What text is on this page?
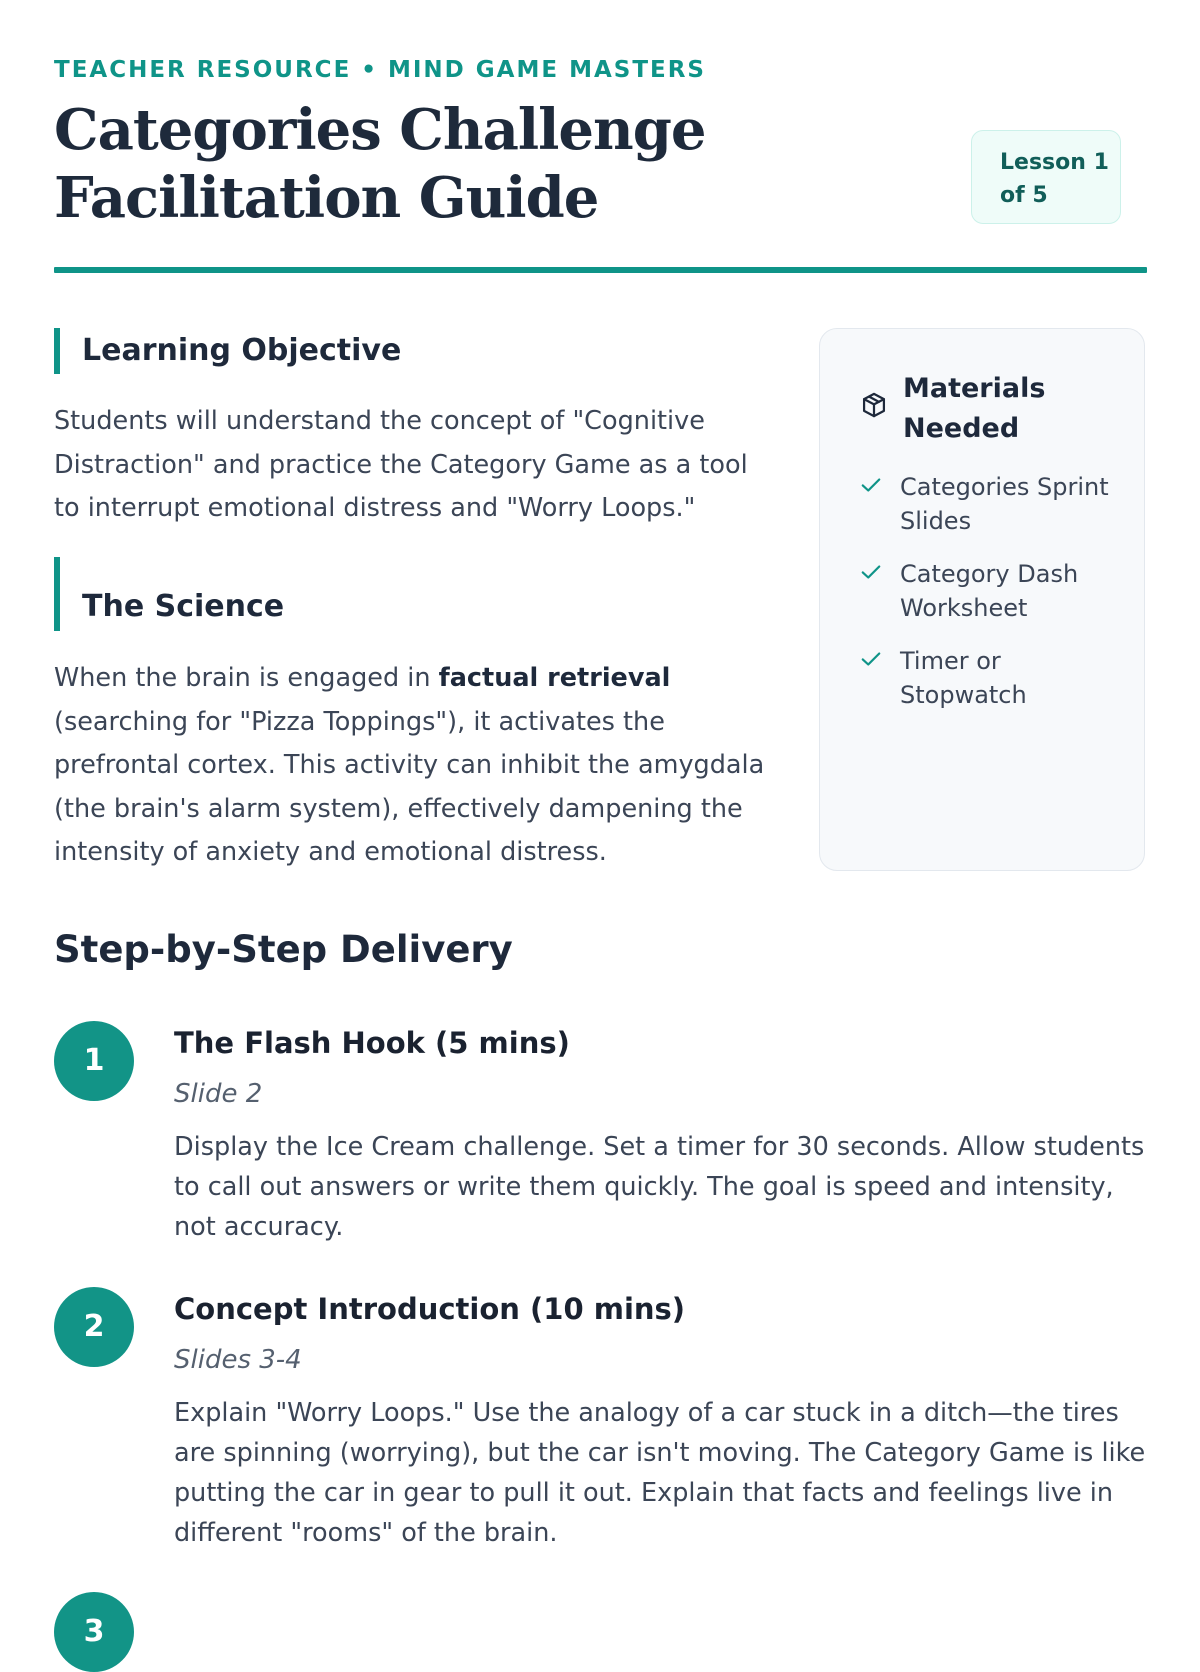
TEACHER RESOURCE • MIND GAME MASTERS

Categories Challenge
Facilitation Guide
Lesson 1
of 5
Learning Objective

Students will understand the concept of "Cognitive Distraction" and practice the Category Game as a tool to interrupt emotional distress and "Worry Loops."

The Science

When the brain is engaged in factual retrieval (searching for "Pizza Toppings"), it activates the prefrontal cortex. This activity can inhibit the amygdala (the brain's alarm system), effectively dampening the intensity of anxiety and emotional distress.

Materials Needed
Categories Sprint Slides
Category Dash Worksheet
Timer or Stopwatch
Step-by-Step Delivery
1	The Flash Hook (5 mins)

Slide 2

Display the Ice Cream challenge. Set a timer for 30 seconds. Allow students to call out answers or write them quickly. The goal is speed and intensity, not accuracy.

2	Concept Introduction (10 mins)

Slides 3-4

Explain "Worry Loops." Use the analogy of a car stuck in a ditch—the tires are spinning (worrying), but the car isn't moving. The Category Game is like putting the car in gear to pull it out. Explain that facts and feelings live in different "rooms" of the brain.

3
